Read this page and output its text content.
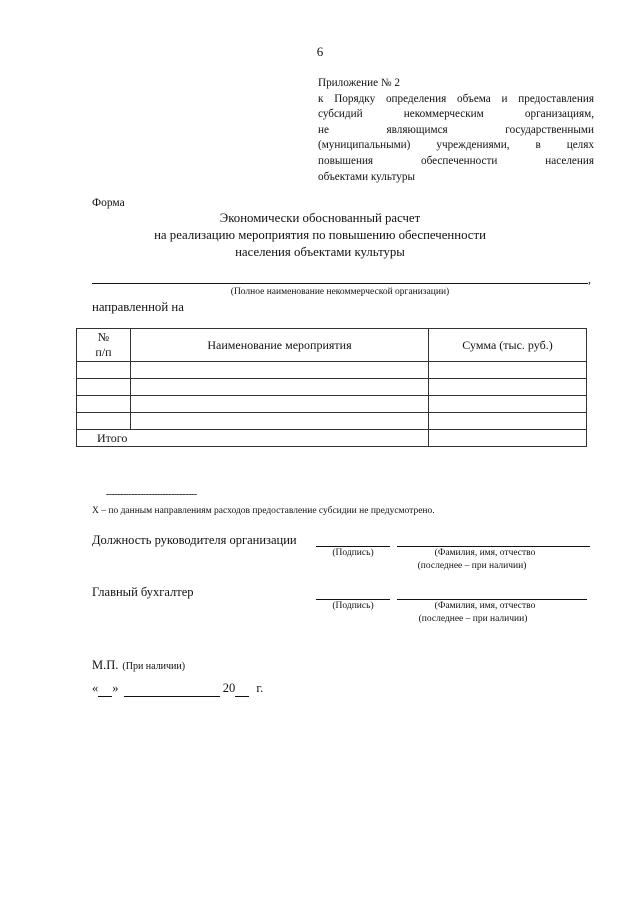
6
Приложение № 2
к Порядку определения объема и предоставления
субсидий некоммерческим организациям,
не являющимся государственными
(муниципальными) учреждениями, в целях
повышения обеспеченности населения
объектами культуры
Форма
Экономически обоснованный расчет
на реализацию мероприятия по повышению обеспеченности
населения объектами культуры
,
(Полное наименование некоммерческой организации)
направленной на
№
п/п	Наименование мероприятия	Сумма (тыс. руб.)

Итого		
--------------------------------
X – по данным направлениям расходов предоставление субсидии не предусмотрено.
Должность руководителя организации
(Подпись)	(Фамилия, имя, отчество
(последнее – при наличии)
Главный бухгалтер
(Подпись)	(Фамилия, имя, отчество
(последнее – при наличии)
М.П. (При наличии)
« »	20 г.
